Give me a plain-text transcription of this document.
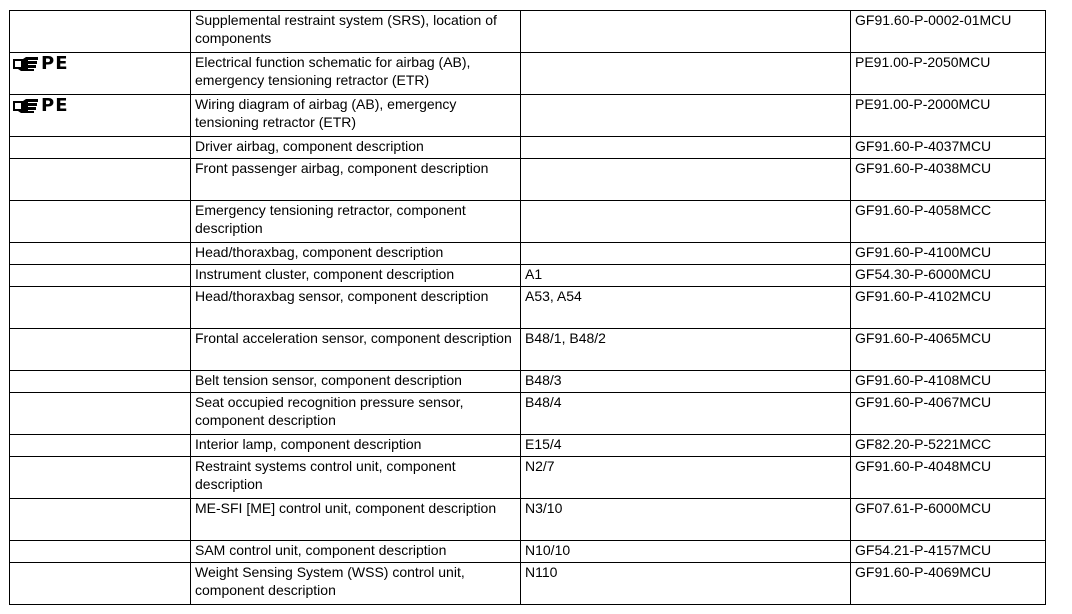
	Supplemental restraint system (SRS), location of components		GF91.60-P-0002-01MCU

PE	Electrical function schematic for airbag (AB), emergency tensioning retractor (ETR)		PE91.00-P-2050MCU

PE	Wiring diagram of airbag (AB), emergency tensioning retractor (ETR)		PE91.00-P-2000MCU
	Driver airbag, component description		GF91.60-P-4037MCU
	Front passenger airbag, component description		GF91.60-P-4038MCU
	Emergency tensioning retractor, component description		GF91.60-P-4058MCC
	Head/thoraxbag, component description		GF91.60-P-4100MCU
	Instrument cluster, component description	A1	GF54.30-P-6000MCU
	Head/thoraxbag sensor, component description	A53, A54	GF91.60-P-4102MCU
	Frontal acceleration sensor, component description	B48/1, B48/2	GF91.60-P-4065MCU
	Belt tension sensor, component description	B48/3	GF91.60-P-4108MCU
	Seat occupied recognition pressure sensor, component description	B48/4	GF91.60-P-4067MCU
	Interior lamp, component description	E15/4	GF82.20-P-5221MCC
	Restraint systems control unit, component description	N2/7	GF91.60-P-4048MCU
	ME-SFI [ME] control unit, component description	N3/10	GF07.61-P-6000MCU
	SAM control unit, component description	N10/10	GF54.21-P-4157MCU
	Weight Sensing System (WSS) control unit, component description	N110	GF91.60-P-4069MCU
